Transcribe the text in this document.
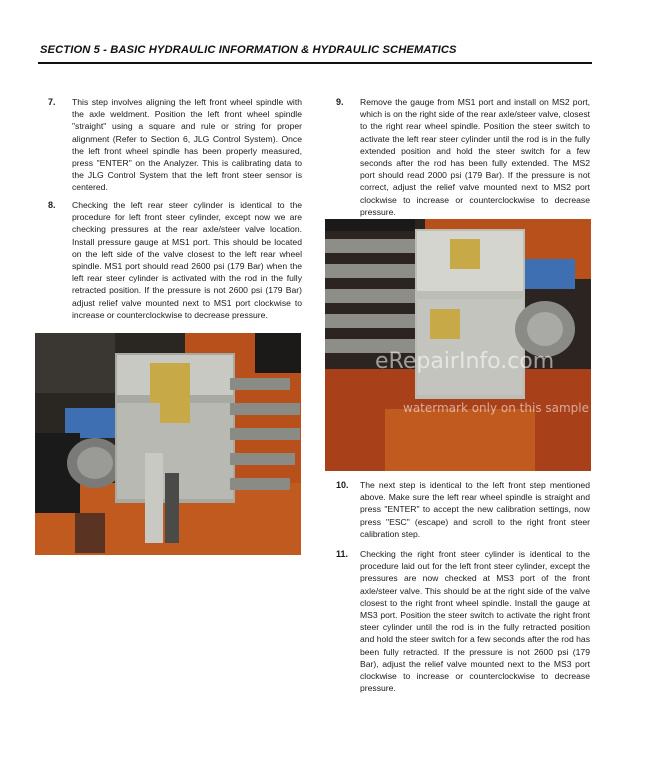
SECTION 5 - BASIC HYDRAULIC INFORMATION & HYDRAULIC SCHEMATICS
7. This step involves aligning the left front wheel spindle with the axle weldment. Position the left front wheel spindle "straight" using a square and rule or string for proper alignment (Refer to Section 6, JLG Control System). Once the left front wheel spindle has been properly measured, press "ENTER" on the Analyzer. This is calibrating data to the JLG Control System that the left front steer sensor is centered.
8. Checking the left rear steer cylinder is identical to the procedure for left front steer cylinder, except now we are checking pressures at the rear axle/steer valve location. Install pressure gauge at MS1 port. This should be located on the left side of the valve closest to the left rear wheel spindle. MS1 port should read 2600 psi (179 Bar) when the left rear steer cylinder is activated with the rod in the fully retracted position. If the pressure is not 2600 psi (179 Bar) adjust relief valve mounted next to MS1 port clockwise to increase or counterclockwise to decrease pressure.
9. Remove the gauge from MS1 port and install on MS2 port, which is on the right side of the rear axle/steer valve, closest to the right rear wheel spindle. Position the steer switch to activate the left rear steer cylinder until the rod is in the fully extended position and hold the steer switch for a few seconds after the rod has been fully extended. The MS2 port should read 2000 psi (179 Bar). If the pressure is not correct, adjust the relief valve mounted next to MS2 port clockwise to increase or counterclockwise to decrease pressure.
eRepairInfo.com
watermark only on this sample
10. The next step is identical to the left front step mentioned above. Make sure the left rear wheel spindle is straight and press "ENTER" to accept the new calibration settings, now press "ESC" (escape) and scroll to the right front steer calibration step.
11. Checking the right front steer cylinder is identical to the procedure laid out for the left front steer cylinder, except the pressures are now checked at MS3 port of the front axle/steer valve. This should be at the right side of the valve closest to the right front wheel spindle. Install the gauge at MS3 port. Position the steer switch to activate the right front steer cylinder until the rod is in the fully retracted position and hold the steer switch for a few seconds after the rod has been fully retracted. If the pressure is not 2600 psi (179 Bar), adjust the relief valve mounted next to the MS3 port clockwise to increase or counterclockwise to decrease pressure.
